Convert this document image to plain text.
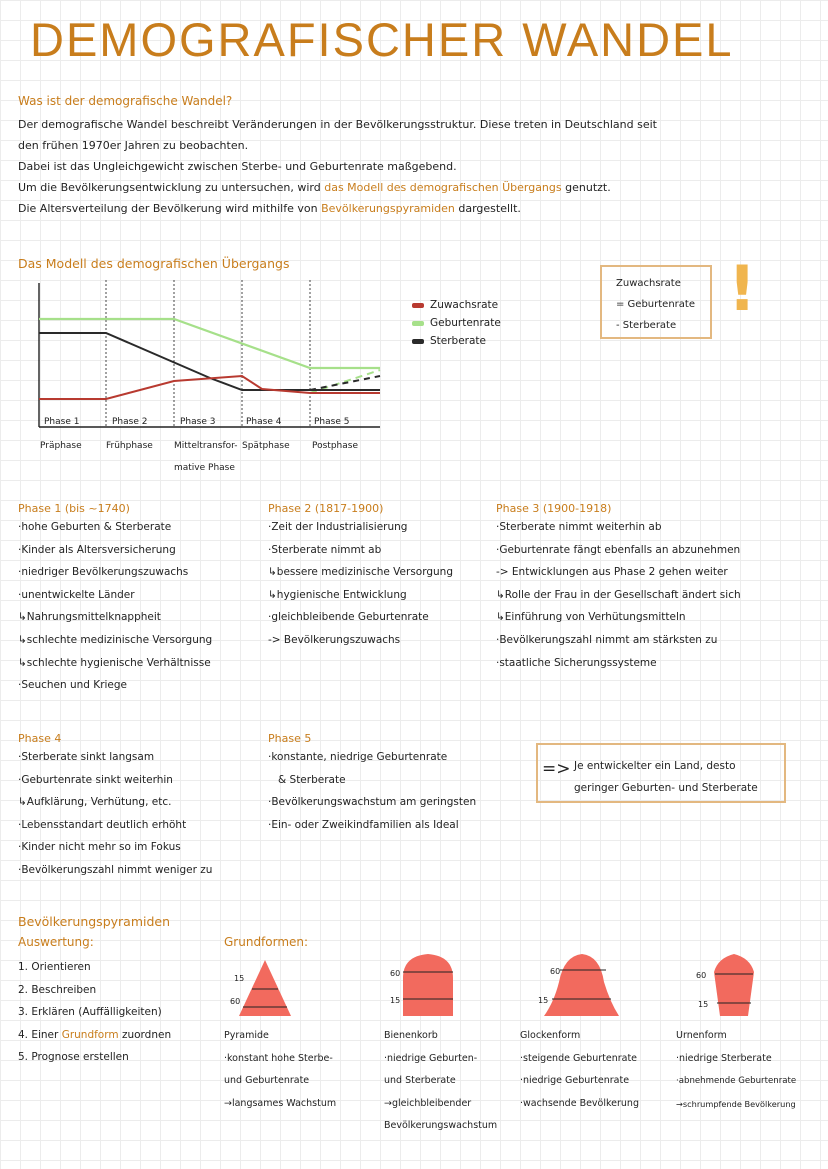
DEMOGRAFISCHER WANDEL
Was ist der demografische Wandel?
Der demografische Wandel beschreibt Veränderungen in der Bevölkerungsstruktur. Diese treten in Deutschland seit
den frühen 1970er Jahren zu beobachten.
Dabei ist das Ungleichgewicht zwischen Sterbe- und Geburtenrate maßgebend.
Um die Bevölkerungsentwicklung zu untersuchen, wird das Modell des demografischen Übergangs genutzt.
Die Altersverteilung der Bevölkerung wird mithilfe von Bevölkerungspyramiden dargestellt.
Das Modell des demografischen Übergangs
Phase 1	Phase 2	Phase 3	Phase 4	Phase 5
Präphase	Frühphase Mitteltransfor- Spätphase Postphase
mative Phase
Zuwachsrate
Geburtenrate
Sterberate
Zuwachsrate
= Geburtenrate
- Sterberate
!
Phase 1 (bis ~1740)
·hohe Geburten & Sterberate
·Kinder als Altersversicherung
·niedriger Bevölkerungszuwachs
·unentwickelte Länder
↳Nahrungsmittelknappheit
↳schlechte medizinische Versorgung
↳schlechte hygienische Verhältnisse
·Seuchen und Kriege
Phase 2 (1817-1900)
·Zeit der Industrialisierung
·Sterberate nimmt ab
↳bessere medizinische Versorgung
↳hygienische Entwicklung
·gleichbleibende Geburtenrate
-> Bevölkerungszuwachs
Phase 3 (1900-1918)
·Sterberate nimmt weiterhin ab
·Geburtenrate fängt ebenfalls an abzunehmen
-> Entwicklungen aus Phase 2 gehen weiter
↳Rolle der Frau in der Gesellschaft ändert sich
↳Einführung von Verhütungsmitteln
·Bevölkerungszahl nimmt am stärksten zu
·staatliche Sicherungssysteme
Phase 4
·Sterberate sinkt langsam
·Geburtenrate sinkt weiterhin
↳Aufklärung, Verhütung, etc.
·Lebensstandart deutlich erhöht
·Kinder nicht mehr so im Fokus
·Bevölkerungszahl nimmt weniger zu
Phase 5
·konstante, niedrige Geburtenrate
& Sterberate
·Bevölkerungswachstum am geringsten
·Ein- oder Zweikindfamilien als Ideal
=> Je entwickelter ein Land, desto
geringer Geburten- und Sterberate
Bevölkerungspyramiden
Auswertung:
1. Orientieren
2. Beschreiben
3. Erklären (Auffälligkeiten)
4. Einer Grundform zuordnen
5. Prognose erstellen
Grundformen:
15
60
60
15
60
15
60
15
Pyramide
·konstant hohe Sterbe-
und Geburtenrate
→langsames Wachstum
Bienenkorb
·niedrige Geburten-
und Sterberate
→gleichbleibender
Bevölkerungswachstum
Glockenform
·steigende Geburtenrate
·niedrige Geburtenrate
·wachsende Bevölkerung
Urnenform
·niedrige Sterberate
·abnehmende Geburtenrate
→schrumpfende Bevölkerung
